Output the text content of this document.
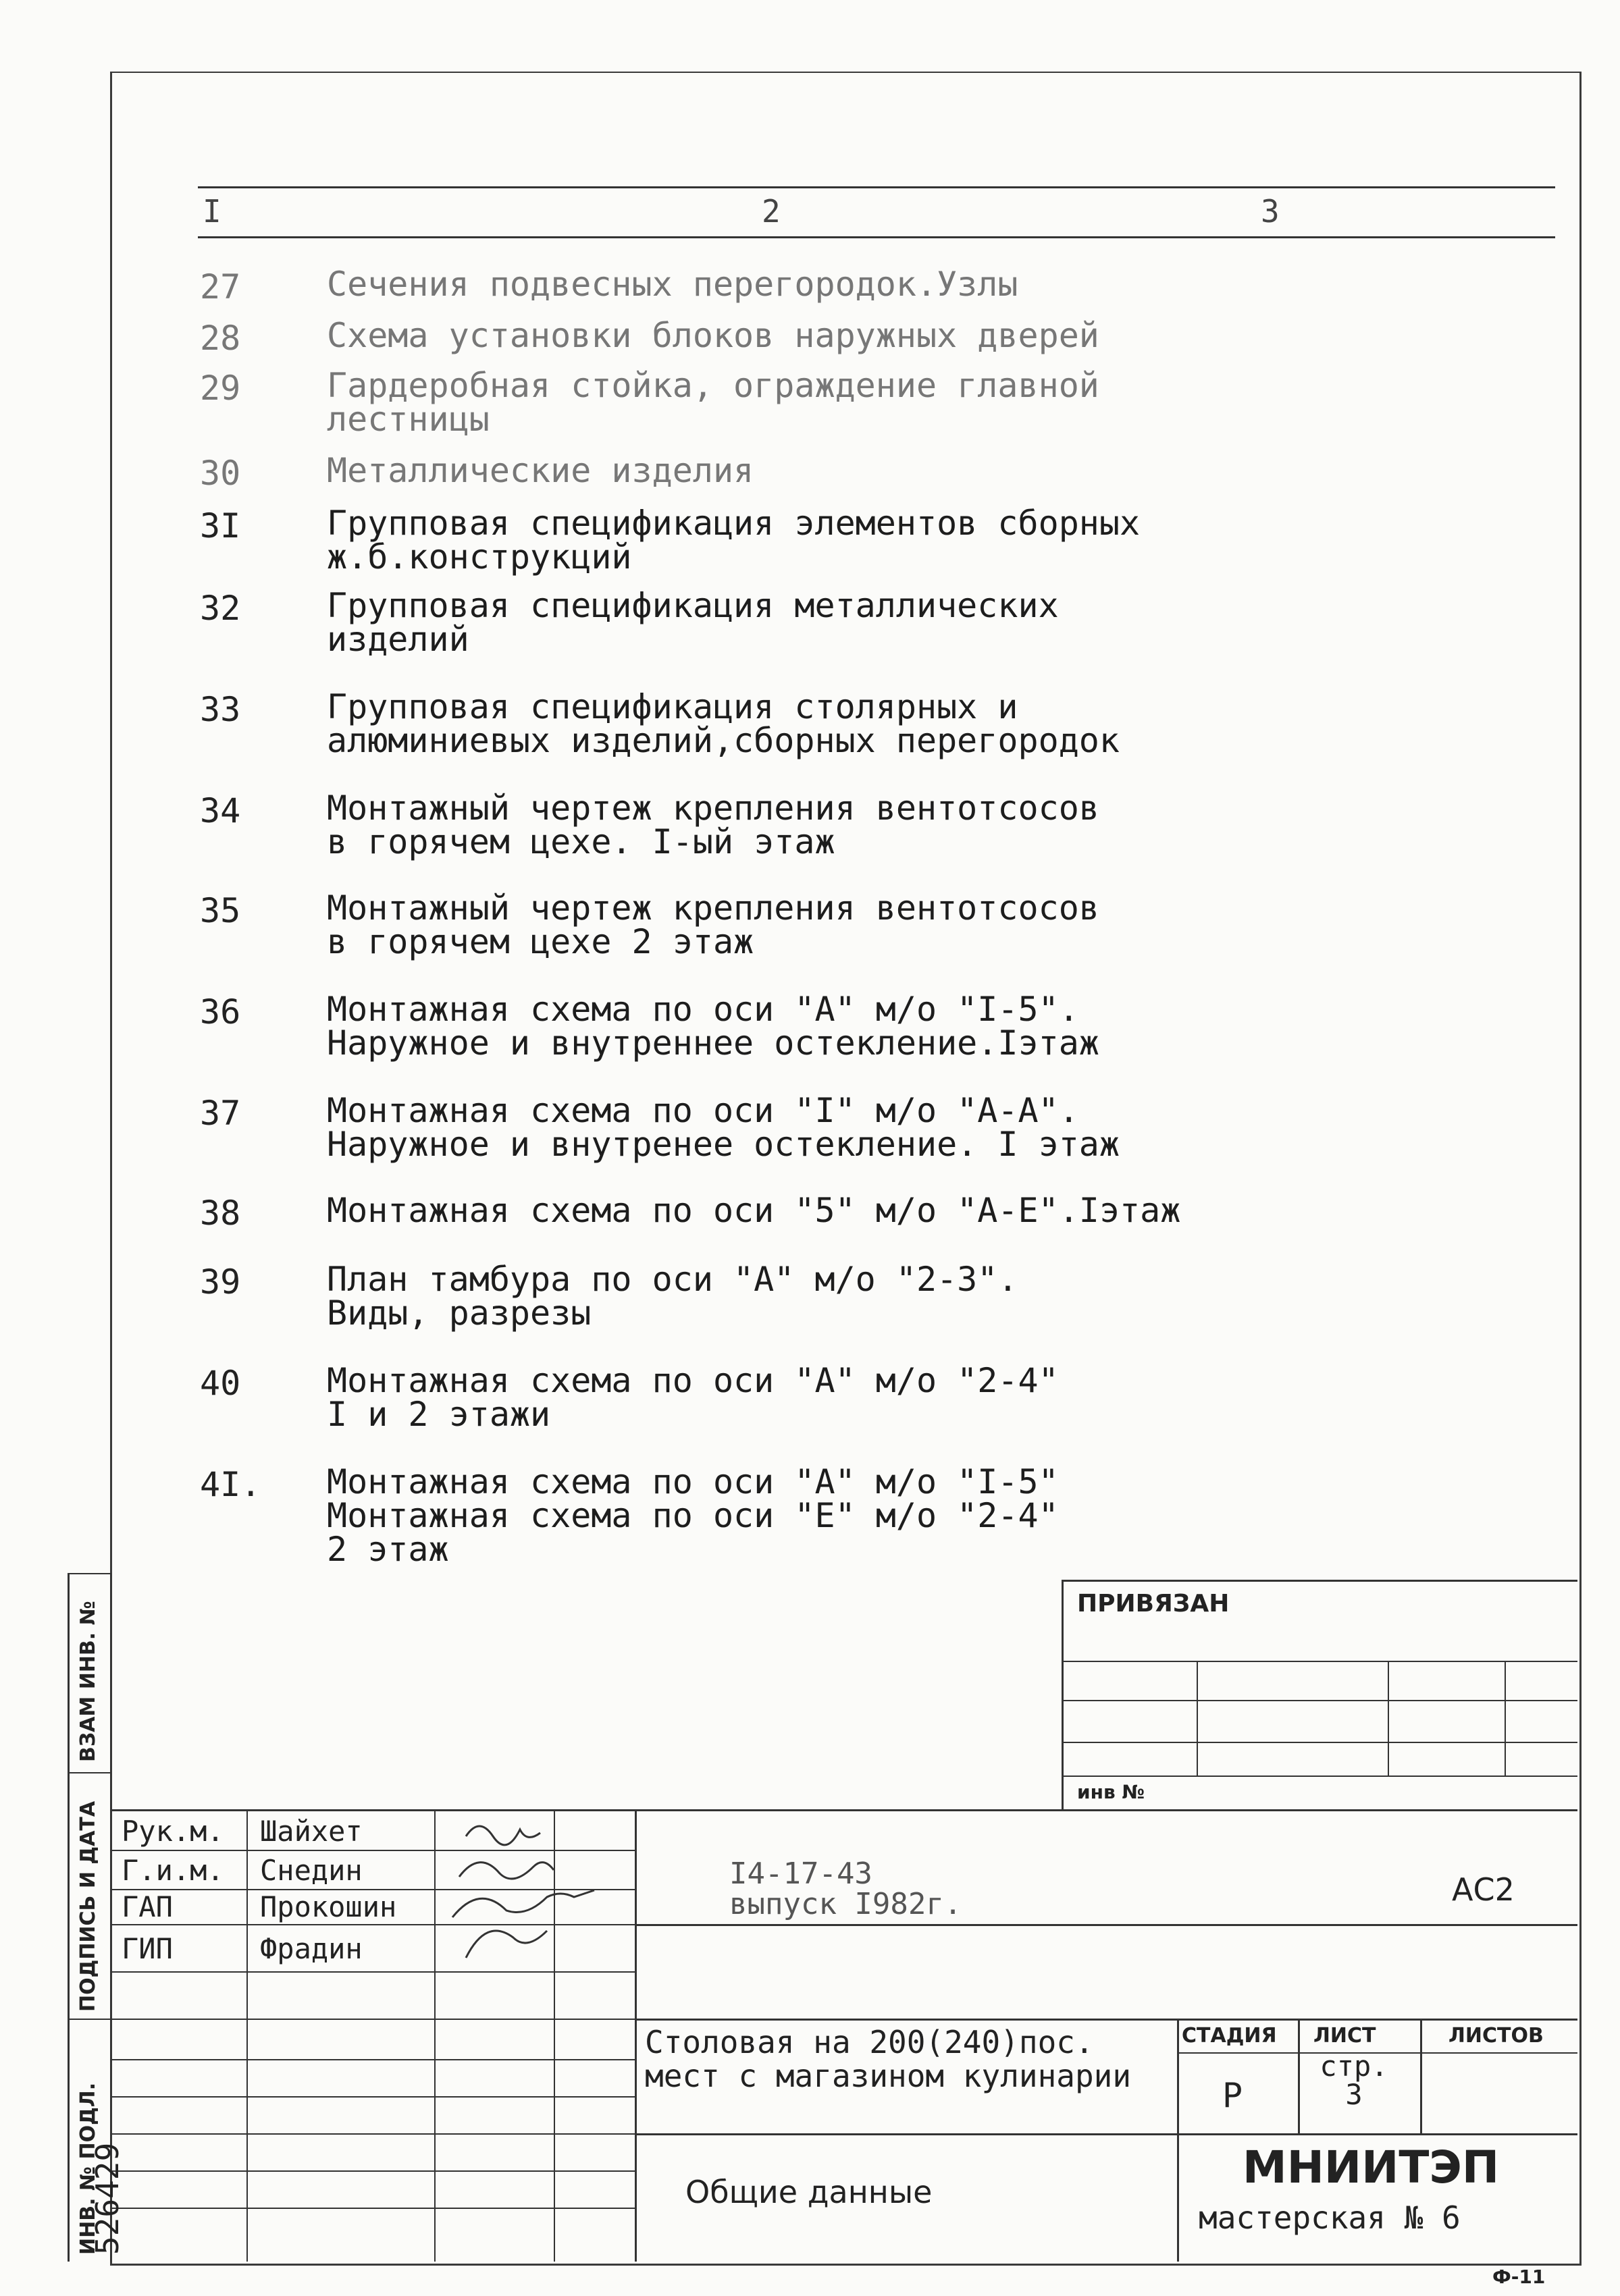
I	2	3
27	Сечения подвесных перегородок.Узлы
28	Схема установки блоков наружных дверей
29	Гардеробная стойка, ограждение главной
лестницы
30	Металлические изделия
3I	Групповая спецификация элементов сборных
ж.б.конструкций
32	Групповая спецификация металлических
изделий
33	Групповая спецификация столярных и
алюминиевых изделий,сборных перегородок
34	Монтажный чертеж крепления вентотсосов
в горячем цехе. I-ый этаж
35	Монтажный чертеж крепления вентотсосов
в горячем цехе 2 этаж
36	Монтажная схема по оси "А" м/о "I-5".
Наружное и внутреннее остекление.Iэтаж
37	Монтажная схема по оси "I" м/о "А-А".
Наружное и внутренее остекление. I этаж
38	Монтажная схема по оси "5" м/о "А-Е".Iэтаж
39	План тамбура по оси "А" м/о "2-3".
Виды, разрезы
40	Монтажная схема по оси "А" м/о "2-4"
I и 2 этажи
4I.	Монтажная схема по оси "А" м/о "I-5"
Монтажная схема по оси "Е" м/о "2-4"
2 этаж
ПРИВЯЗАН
инв №
Рук.м. Шайхет
Г.и.м. Снедин
ГАП	Прокошин
ГИП	Фрадин
I4-17-43
выпуск I982г.	АС2
Столовая на 200(240)пос.
мест с магазином кулинарии
СТАДИЯ ЛИСТ	ЛИСТОВ
Р
стр.
3
Общие данные	МНИИТЭП
мастерская № 6
Ф-11
ВЗАМ ИНВ. №
ПОДПИСЬ И ДАТА
ИНВ. № ПОДЛ.
526429
